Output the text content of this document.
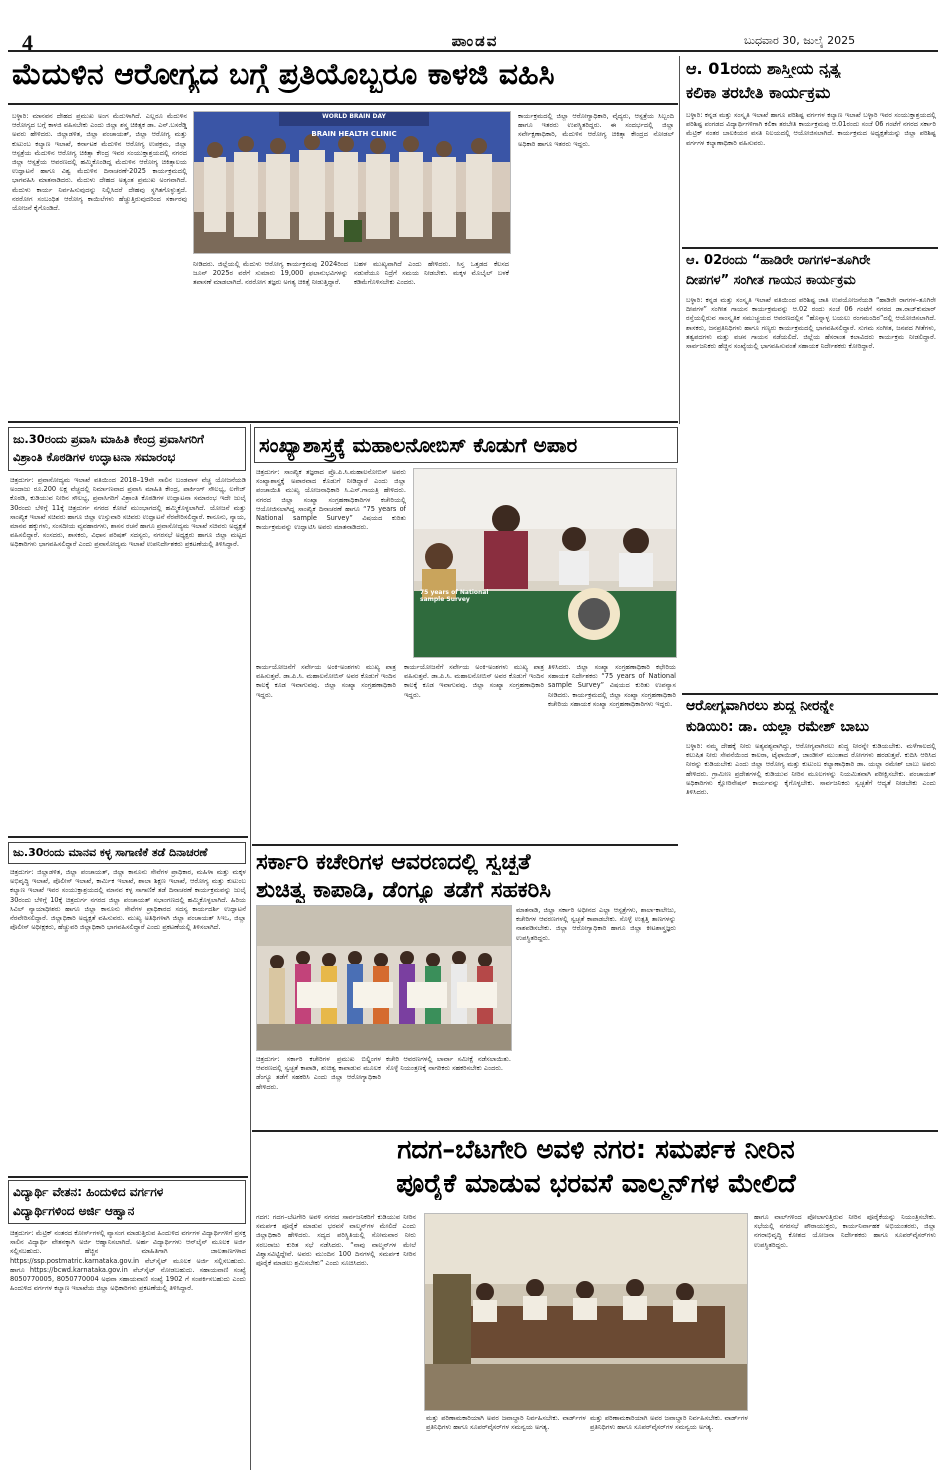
4	ಪಾಂಡವ	ಬುಧವಾರ 30, ಜುಲೈ 2025
ಮೆದುಳಿನ ಆರೋಗ್ಯದ ಬಗ್ಗೆ ಪ್ರತಿಯೊಬ್ಬರೂ ಕಾಳಜಿ ವಹಿಸಿ
ಬಳ್ಳಾರಿ: ಮಾನವನ ದೇಹದ ಪ್ರಮುಖ ಅಂಗ ಮೆದುಳಾಗಿದೆ. ಎಲ್ಲರೂ ಮೆದುಳಿನ ಆರೋಗ್ಯದ ಬಗ್ಗೆ ಕಾಳಜಿ ವಹಿಸಬೇಕು ಎಂದು ಜಿಲ್ಲಾ ಶಸ್ತ್ರ ಚಿಕಿತ್ಸಕ ಡಾ. ಎನ್.ಬಸರೆಡ್ಡಿ ಅವರು ಹೇಳಿದರು. ಜಿಲ್ಲಾಡಳಿತ, ಜಿಲ್ಲಾ ಪಂಚಾಯತ್, ಜಿಲ್ಲಾ ಆರೋಗ್ಯ ಮತ್ತು ಕುಟುಂಬ ಕಲ್ಯಾಣ ಇಲಾಖೆ, ಕರ್ನಾಟಕ ಮೆದುಳಿನ ಆರೋಗ್ಯ ಉಪಕ್ರಮ, ಜಿಲ್ಲಾ ಆಸ್ಪತ್ರೆಯ ಮೆದುಳಿನ ಆರೋಗ್ಯ ಚಿಕಿತ್ಸಾ ಕೇಂದ್ರ ಇವರ ಸಂಯುಕ್ತಾಶ್ರಯದಲ್ಲಿ ನಗರದ ಜಿಲ್ಲಾ ಆಸ್ಪತ್ರೆಯ ಆವರಣದಲ್ಲಿ ಹಮ್ಮಿಕೊಂಡಿದ್ದ ಮೆದುಳಿನ ಆರೋಗ್ಯ ಚಿಕಿತ್ಸಾಲಯ ಉದ್ಘಾಟನೆ ಹಾಗೂ ವಿಶ್ವ ಮೆದುಳಿನ ದಿನಾಚರಣೆ-2025 ಕಾರ್ಯಕ್ರಮದಲ್ಲಿ ಭಾಗವಹಿಸಿ ಮಾತನಾಡಿದರು. ಮೆದುಳು ದೇಹದ ಅತ್ಯಂತ ಪ್ರಮುಖ ಅಂಗವಾಗಿದೆ. ಮೆದುಳು ಕಾರ್ಯ ನಿರ್ವಹಿಸುವುದನ್ನು ನಿಲ್ಲಿಸಿದರೆ ದೇಹವು ಸ್ಥಗಿತಗೊಳ್ಳುತ್ತದೆ. ನರರೋಗ ಸಂಬಂಧಿತ ಆರೋಗ್ಯ ಕಾಯಿಲೆಗಳು ಹೆಚ್ಚುತ್ತಿರುವುದರಿಂದ ಸರ್ಕಾರವು ಯೋಜನೆ ಕೈಗೊಂಡಿದೆ.
WORLD BRAIN DAY
BRAIN HEALTH CLINIC
ನೀಡಿದರು. ಜಿಲ್ಲೆಯಲ್ಲಿ ಮೆದುಳು ಆರೋಗ್ಯ ಕಾರ್ಯಕ್ರಮವು 2024ರಿಂದ ಜೂನ್ 2025ರ ವರೆಗೆ ಸುಮಾರು 19,000 ಫಲಾನುಭವಿಗಳನ್ನು ತಪಾಸಣೆ ಮಾಡಲಾಗಿದೆ. ನರರೋಗ ತಜ್ಞರು ಅಗತ್ಯ ಚಿಕಿತ್ಸೆ ನೀಡುತ್ತಿದ್ದಾರೆ.
ಬಹಳ ಮುಖ್ಯವಾಗಿದೆ ಎಂದು ಹೇಳಿದರು. ಸಿಸ್ತ ಒತ್ತಡದ ಕೆಲಸದ ನಡುವೆಯೂ ನಿದ್ರೆಗೆ ಸಮಯ ನೀಡಬೇಕು. ಮಕ್ಕಳ ಮೊಬೈಲ್ ಬಳಕೆ ಕಡಿಮೆಗೊಳಿಸಬೇಕು ಎಂದರು.
ಕಾರ್ಯಕ್ರಮದಲ್ಲಿ ಜಿಲ್ಲಾ ಆರೋಗ್ಯಾಧಿಕಾರಿ, ವೈದ್ಯರು, ಆಸ್ಪತ್ರೆಯ ಸಿಬ್ಬಂದಿ ಹಾಗೂ ಇತರರು ಉಪಸ್ಥಿತರಿದ್ದರು. ಈ ಸಂದರ್ಭದಲ್ಲಿ ಜಿಲ್ಲಾ ಸರ್ವೇಕ್ಷಣಾಧಿಕಾರಿ, ಮೆದುಳಿನ ಆರೋಗ್ಯ ಚಿಕಿತ್ಸಾ ಕೇಂದ್ರದ ನೋಡಲ್ ಅಧಿಕಾರಿ ಹಾಗೂ ಇತರರು ಇದ್ದರು.
ಆ. 01ರಂದು ಶಾಸ್ತ್ರೀಯ ನೃತ್ಯ
ಕಲಿಕಾ ತರಬೇತಿ ಕಾರ್ಯಕ್ರಮ
ಬಳ್ಳಾರಿ: ಕನ್ನಡ ಮತ್ತು ಸಂಸ್ಕೃತಿ ಇಲಾಖೆ ಹಾಗೂ ಪರಿಶಿಷ್ಟ ವರ್ಗಗಳ ಕಲ್ಯಾಣ ಇಲಾಖೆ ಬಳ್ಳಾರಿ ಇವರ ಸಂಯುಕ್ತಾಶ್ರಯದಲ್ಲಿ ಪರಿಶಿಷ್ಟ ಪಂಗಡದ ವಿದ್ಯಾರ್ಥಿಗಳಿಗಾಗಿ ಕಲಿಕಾ ತರಬೇತಿ ಕಾರ್ಯಕ್ರಮವು ಆ.01ರಂದು ಸಂಜೆ 06 ಗಂಟೆಗೆ ನಗರದ ಸರ್ಕಾರಿ ಮೆಟ್ರಿಕ್ ನಂತರ ಬಾಲಕಿಯರ ವಸತಿ ನಿಲಯದಲ್ಲಿ ಆಯೋಜಿಸಲಾಗಿದೆ. ಕಾರ್ಯಕ್ರಮದ ಅಧ್ಯಕ್ಷತೆಯನ್ನು ಜಿಲ್ಲಾ ಪರಿಶಿಷ್ಟ ವರ್ಗಗಳ ಕಲ್ಯಾಣಾಧಿಕಾರಿ ವಹಿಸುವರು.
ಆ. 02ರಂದು “ಹಾಡಿರೇ ರಾಗಗಳ–ತೂಗಿರೇ
ದೀಪಗಳ” ಸಂಗೀತ ಗಾಯನ ಕಾರ್ಯಕ್ರಮ
ಬಳ್ಳಾರಿ: ಕನ್ನಡ ಮತ್ತು ಸಂಸ್ಕೃತಿ ಇಲಾಖೆ ವತಿಯಿಂದ ಪರಿಶಿಷ್ಟ ಜಾತಿ ಉಪಯೋಜನೆಯಡಿ “ಹಾಡಿರೇ ರಾಗಗಳ–ತೂಗಿರೇ ದೀಪಗಳ” ಸಂಗೀತ ಗಾಯನ ಕಾರ್ಯಕ್ರಮವನ್ನು ಆ.02 ರಂದು ಸಂಜೆ 06 ಗಂಟೆಗೆ ನಗರದ ಡಾ.ರಾಜ್‌ಕುಮಾರ್ ರಸ್ತೆಯಲ್ಲಿರುವ ಸಾಂಸ್ಕೃತಿಕ ಸಮುಚ್ಚಯದ ಆವರಣದಲ್ಲಿನ “ಹೊನ್ನಾಳ್ಳ ಬಯಲು ರಂಗಮಂದಿರ”ದಲ್ಲಿ ಆಯೋಜಿಸಲಾಗಿದೆ. ಶಾಸಕರು, ಜನಪ್ರತಿನಿಧಿಗಳು ಹಾಗೂ ಗಣ್ಯರು ಕಾರ್ಯಕ್ರಮದಲ್ಲಿ ಭಾಗವಹಿಸಲಿದ್ದಾರೆ. ಸುಗಮ ಸಂಗೀತ, ಜನಪದ ಗೀತೆಗಳು, ತತ್ವಪದಗಳು ಮತ್ತು ವಚನ ಗಾಯನ ನಡೆಯಲಿದೆ. ಜಿಲ್ಲೆಯ ಹೆಸರಾಂತ ಕಲಾವಿದರು ಕಾರ್ಯಕ್ರಮ ನೀಡಲಿದ್ದಾರೆ. ಸಾರ್ವಜನಿಕರು ಹೆಚ್ಚಿನ ಸಂಖ್ಯೆಯಲ್ಲಿ ಭಾಗವಹಿಸುವಂತೆ ಸಹಾಯಕ ನಿರ್ದೇಶಕರು ಕೋರಿದ್ದಾರೆ.
ಆರೋಗ್ಯವಾಗಿರಲು ಶುದ್ಧ ನೀರನ್ನೇ
ಕುಡಿಯಿರಿ: ಡಾ. ಯಲ್ಲಾ ರಮೇಶ್ ಬಾಬು
ಬಳ್ಳಾರಿ: ನಮ್ಮ ದೇಹಕ್ಕೆ ನೀರು ಅತ್ಯವಶ್ಯವಾಗಿದ್ದು, ಆರೋಗ್ಯವಾಗಿರಲು ಶುದ್ಧ ನೀರನ್ನೇ ಕುಡಿಯಬೇಕು. ಮಳೆಗಾಲದಲ್ಲಿ ಕಲುಷಿತ ನೀರು ಸೇವನೆಯಿಂದ ಕಾಲರಾ, ಟೈಫಾಯಿಡ್, ಜಾಂಡೀಸ್ ಮುಂತಾದ ರೋಗಗಳು ಹರಡುತ್ತವೆ. ಕುದಿಸಿ ಆರಿಸಿದ ನೀರನ್ನು ಕುಡಿಯಬೇಕು ಎಂದು ಜಿಲ್ಲಾ ಆರೋಗ್ಯ ಮತ್ತು ಕುಟುಂಬ ಕಲ್ಯಾಣಾಧಿಕಾರಿ ಡಾ. ಯಲ್ಲಾ ರಮೇಶ್ ಬಾಬು ಅವರು ಹೇಳಿದರು. ಗ್ರಾಮೀಣ ಪ್ರದೇಶಗಳಲ್ಲಿ ಕುಡಿಯುವ ನೀರಿನ ಮೂಲಗಳನ್ನು ನಿಯಮಿತವಾಗಿ ಪರೀಕ್ಷಿಸಬೇಕು. ಪಂಚಾಯತ್ ಅಧಿಕಾರಿಗಳು ಕ್ಲೋರಿನೇಷನ್ ಕಾರ್ಯವನ್ನು ಕೈಗೊಳ್ಳಬೇಕು. ಸಾರ್ವಜನಿಕರು ಸ್ವಚ್ಛತೆಗೆ ಆದ್ಯತೆ ನೀಡಬೇಕು ಎಂದು ತಿಳಿಸಿದರು.
ಜು.30ರಂದು ಪ್ರವಾಸಿ ಮಾಹಿತಿ ಕೇಂದ್ರ ಪ್ರವಾಸಿಗರಿಗೆ
ವಿಶ್ರಾಂತಿ ಕೊಠಡಿಗಳ ಉದ್ಘಾಟನಾ ಸಮಾರಂಭ
ಚಿತ್ರದುರ್ಗ: ಪ್ರವಾಸೋದ್ಯಮ ಇಲಾಖೆ ವತಿಯಿಂದ 2018–19ನೇ ಸಾಲಿನ ಬಂಡವಾಳ ವೆಚ್ಚ ಯೋಜನೆಯಡಿ ಅಂದಾಜು ರೂ.200 ಲಕ್ಷ ವೆಚ್ಚದಲ್ಲಿ ನಿರ್ಮಾಣವಾದ ಪ್ರವಾಸಿ ಮಾಹಿತಿ ಕೇಂದ್ರ, ಪಾರ್ಕಿಂಗ್ ಸೌಲಭ್ಯ, ಲಗೇಜ್ ಕೊಠಡಿ, ಕುಡಿಯುವ ನೀರಿನ ಸೌಲಭ್ಯ, ಪ್ರವಾಸಿಗರಿಗೆ ವಿಶ್ರಾಂತಿ ಕೊಠಡಿಗಳ ಉದ್ಘಾಟನಾ ಸಮಾರಂಭ ಇದೇ ಜುಲೈ 30ರಂದು ಬೆಳಿಗ್ಗೆ 11ಕ್ಕೆ ಚಿತ್ರದುರ್ಗ ನಗರದ ಕೋಟೆ ಮುಂಭಾಗದಲ್ಲಿ ಹಮ್ಮಿಕೊಳ್ಳಲಾಗಿದೆ. ಯೋಜನೆ ಮತ್ತು ಸಾಂಖ್ಯಿಕ ಇಲಾಖೆ ಸಚಿವರು ಹಾಗೂ ಜಿಲ್ಲಾ ಉಸ್ತುವಾರಿ ಸಚಿವರು ಉದ್ಘಾಟನೆ ನೆರವೇರಿಸಲಿದ್ದಾರೆ. ಕಾನೂನು, ನ್ಯಾಯ, ಮಾನವ ಹಕ್ಕುಗಳು, ಸಂಸದೀಯ ವ್ಯವಹಾರಗಳು, ಶಾಸನ ರಚನೆ ಹಾಗೂ ಪ್ರವಾಸೋದ್ಯಮ ಇಲಾಖೆ ಸಚಿವರು ಅಧ್ಯಕ್ಷತೆ ವಹಿಸಲಿದ್ದಾರೆ. ಸಂಸದರು, ಶಾಸಕರು, ವಿಧಾನ ಪರಿಷತ್ ಸದಸ್ಯರು, ನಗರಸಭೆ ಅಧ್ಯಕ್ಷರು ಹಾಗೂ ಜಿಲ್ಲಾ ಮಟ್ಟದ ಅಧಿಕಾರಿಗಳು ಭಾಗವಹಿಸಲಿದ್ದಾರೆ ಎಂದು ಪ್ರವಾಸೋದ್ಯಮ ಇಲಾಖೆ ಉಪನಿರ್ದೇಶಕರು ಪ್ರಕಟಣೆಯಲ್ಲಿ ತಿಳಿಸಿದ್ದಾರೆ.
ಜು.30ರಂದು ಮಾನವ ಕಳ್ಳ ಸಾಗಾಣಿಕೆ ತಡೆ ದಿನಾಚರಣೆ
ಚಿತ್ರದುರ್ಗ: ಜಿಲ್ಲಾಡಳಿತ, ಜಿಲ್ಲಾ ಪಂಚಾಯತ್, ಜಿಲ್ಲಾ ಕಾನೂನು ಸೇವೆಗಳ ಪ್ರಾಧಿಕಾರ, ಮಹಿಳಾ ಮತ್ತು ಮಕ್ಕಳ ಅಭಿವೃದ್ಧಿ ಇಲಾಖೆ, ಪೊಲೀಸ್ ಇಲಾಖೆ, ಕಾರ್ಮಿಕ ಇಲಾಖೆ, ಶಾಲಾ ಶಿಕ್ಷಣ ಇಲಾಖೆ, ಆರೋಗ್ಯ ಮತ್ತು ಕುಟುಂಬ ಕಲ್ಯಾಣ ಇಲಾಖೆ ಇವರ ಸಂಯುಕ್ತಾಶ್ರಯದಲ್ಲಿ ಮಾನವ ಕಳ್ಳ ಸಾಗಾಣಿಕೆ ತಡೆ ದಿನಾಚರಣೆ ಕಾರ್ಯಕ್ರಮವನ್ನು ಜುಲೈ 30ರಂದು ಬೆಳಿಗ್ಗೆ 10ಕ್ಕೆ ಚಿತ್ರದುರ್ಗ ನಗರದ ಜಿಲ್ಲಾ ಪಂಚಾಯತ್ ಸಭಾಂಗಣದಲ್ಲಿ ಹಮ್ಮಿಕೊಳ್ಳಲಾಗಿದೆ. ಹಿರಿಯ ಸಿವಿಲ್ ನ್ಯಾಯಾಧೀಶರು ಹಾಗೂ ಜಿಲ್ಲಾ ಕಾನೂನು ಸೇವೆಗಳ ಪ್ರಾಧಿಕಾರದ ಸದಸ್ಯ ಕಾರ್ಯದರ್ಶಿ ಉದ್ಘಾಟನೆ ನೆರವೇರಿಸಲಿದ್ದಾರೆ. ಜಿಲ್ಲಾಧಿಕಾರಿ ಅಧ್ಯಕ್ಷತೆ ವಹಿಸುವರು. ಮುಖ್ಯ ಅತಿಥಿಗಳಾಗಿ ಜಿಲ್ಲಾ ಪಂಚಾಯತ್ ಸಿಇಒ, ಜಿಲ್ಲಾ ಪೊಲೀಸ್ ಅಧೀಕ್ಷಕರು, ಹೆಚ್ಚುವರಿ ಜಿಲ್ಲಾಧಿಕಾರಿ ಭಾಗವಹಿಸಲಿದ್ದಾರೆ ಎಂದು ಪ್ರಕಟಣೆಯಲ್ಲಿ ತಿಳಿಸಲಾಗಿದೆ.
ವಿದ್ಯಾರ್ಥಿ ವೇತನ: ಹಿಂದುಳಿದ ವರ್ಗಗಳ
ವಿದ್ಯಾರ್ಥಿಗಳಿಂದ ಅರ್ಜಿ ಆಹ್ವಾನ
ಚಿತ್ರದುರ್ಗ: ಮೆಟ್ರಿಕ್ ನಂತರದ ಕೋರ್ಸ್‌ಗಳಲ್ಲಿ ವ್ಯಾಸಂಗ ಮಾಡುತ್ತಿರುವ ಹಿಂದುಳಿದ ವರ್ಗಗಳ ವಿದ್ಯಾರ್ಥಿಗಳಿಗೆ ಪ್ರಸಕ್ತ ಸಾಲಿನ ವಿದ್ಯಾರ್ಥಿ ವೇತನಕ್ಕಾಗಿ ಅರ್ಜಿ ಆಹ್ವಾನಿಸಲಾಗಿದೆ. ಅರ್ಹ ವಿದ್ಯಾರ್ಥಿಗಳು ಆನ್‌ಲೈನ್ ಮೂಲಕ ಅರ್ಜಿ ಸಲ್ಲಿಸಬಹುದು. ಹೆಚ್ಚಿನ ಮಾಹಿತಿಗಾಗಿ ಜಾಲತಾಣಗಳಾದ https://ssp.postmatric.karnataka.gov.in ವೆಬ್‌ಸೈಟ್ ಮೂಲಕ ಅರ್ಜಿ ಸಲ್ಲಿಸಬಹುದು. ಹಾಗೂ https://bcwd.karnataka.gov.in ವೆಬ್‌ಸೈಟ್ ನೋಡಬಹುದು. ಸಹಾಯವಾಣಿ ಸಂಖ್ಯೆ 8050770005, 8050770004 ಅಥವಾ ಸಹಾಯವಾಣಿ ಸಂಖ್ಯೆ 1902 ಗೆ ಸಂಪರ್ಕಿಸಬಹುದು ಎಂದು ಹಿಂದುಳಿದ ವರ್ಗಗಳ ಕಲ್ಯಾಣ ಇಲಾಖೆಯ ಜಿಲ್ಲಾ ಅಧಿಕಾರಿಗಳು ಪ್ರಕಟಣೆಯಲ್ಲಿ ತಿಳಿಸಿದ್ದಾರೆ.
ಸಂಖ್ಯಾಶಾಸ್ತ್ರಕ್ಕೆ ಮಹಾಲನೋಬಿಸ್ ಕೊಡುಗೆ ಅಪಾರ
ಚಿತ್ರದುರ್ಗ: ಸಾಂಖ್ಯಿಕ ತಜ್ಞರಾದ ಪ್ರೊ.ಪಿ.ಸಿ.ಮಹಾಲನೋಬಿಸ್ ಅವರು ಸಂಖ್ಯಾಶಾಸ್ತ್ರಕ್ಕೆ ಅಪಾರವಾದ ಕೊಡುಗೆ ನೀಡಿದ್ದಾರೆ ಎಂದು ಜಿಲ್ಲಾ ಪಂಚಾಯಿತಿ ಮುಖ್ಯ ಯೋಜನಾಧಿಕಾರಿ ಸಿ.ಎಸ್.ಗಾಯತ್ರಿ ಹೇಳಿದರು. ನಗರದ ಜಿಲ್ಲಾ ಸಂಖ್ಯಾ ಸಂಗ್ರಹಣಾಧಿಕಾರಿಗಳ ಕಚೇರಿಯಲ್ಲಿ ಆಯೋಜಿಸಲಾಗಿದ್ದ ಸಾಂಖ್ಯಿಕ ದಿನಾಚರಣೆ ಹಾಗೂ “75 years of National sample Survey” ವಿಷಯದ ಕುರಿತು ಕಾರ್ಯಕ್ರಮವನ್ನು ಉದ್ಘಾಟಿಸಿ ಅವರು ಮಾತನಾಡಿದರು.
75 years of National sample Survey
ಕಾರ್ಯಯೋಜನೆಗೆ ಸರ್ವೇಯ ಅಂಕಿ-ಅಂಶಗಳು ಮುಖ್ಯ ಪಾತ್ರ ವಹಿಸುತ್ತವೆ. ಡಾ.ಪಿ.ಸಿ. ಮಹಾಲನೋಬಿಸ್ ಅವರ ಕೊಡುಗೆ ಇಂದಿನ ಕಾಲಕ್ಕೆ ಕೂಡ ಇವಾಗುವವು. ಜಿಲ್ಲಾ ಸಂಖ್ಯಾ ಸಂಗ್ರಹಣಾಧಿಕಾರಿ ಇದ್ದರು.
ಕಾರ್ಯಯೋಜನೆಗೆ ಸರ್ವೇಯ ಅಂಕಿ-ಅಂಶಗಳು ಮುಖ್ಯ ಪಾತ್ರ ವಹಿಸುತ್ತವೆ. ಡಾ.ಪಿ.ಸಿ. ಮಹಾಲನೋಬಿಸ್ ಅವರ ಕೊಡುಗೆ ಇಂದಿನ ಕಾಲಕ್ಕೆ ಕೂಡ ಇವಾಗುವವು. ಜಿಲ್ಲಾ ಸಂಖ್ಯಾ ಸಂಗ್ರಹಣಾಧಿಕಾರಿ ಇದ್ದರು.
ತಿಳಿಸಿದರು. ಜಿಲ್ಲಾ ಸಂಖ್ಯಾ ಸಂಗ್ರಹಣಾಧಿಕಾರಿ ಕಛೇರಿಯ ಸಹಾಯಕ ನಿರ್ದೇಶಕರು “75 years of National sample Survey” ವಿಷಯದ ಕುರಿತು ಉಪನ್ಯಾಸ ನೀಡಿದರು. ಕಾರ್ಯಕ್ರಮದಲ್ಲಿ ಜಿಲ್ಲಾ ಸಂಖ್ಯಾ ಸಂಗ್ರಹಣಾಧಿಕಾರಿ ಕಚೇರಿಯ ಸಹಾಯಕ ಸಂಖ್ಯಾ ಸಂಗ್ರಹಣಾಧಿಕಾರಿಗಳು ಇದ್ದರು.
ಸರ್ಕಾರಿ ಕಚೇರಿಗಳ ಆವರಣದಲ್ಲಿ ಸ್ವಚ್ಛತೆ
ಶುಚಿತ್ವ ಕಾಪಾಡಿ, ಡೆಂಗ್ಯೂ ತಡೆಗೆ ಸಹಕರಿಸಿ
ಮಾತನಾಡಿ, ಜಿಲ್ಲಾ ಸರ್ಕಾರಿ ಅಧೀನದ ಎಲ್ಲಾ ಆಸ್ಪತ್ರೆಗಳು, ಶಾಲಾ-ಕಾಲೇಜು, ಕಚೇರಿಗಳ ಆವರಣಗಳಲ್ಲಿ ಸ್ವಚ್ಛತೆ ಕಾಪಾಡಬೇಕು. ಸೊಳ್ಳೆ ಉತ್ಪತ್ತಿ ತಾಣಗಳನ್ನು ನಾಶಪಡಿಸಬೇಕು. ಜಿಲ್ಲಾ ಆರೋಗ್ಯಾಧಿಕಾರಿ ಹಾಗೂ ಜಿಲ್ಲಾ ಕೀಟಶಾಸ್ತ್ರಜ್ಞರು ಉಪಸ್ಥಿತರಿದ್ದರು.
ಚಿತ್ರದುರ್ಗ: ಸರ್ಕಾರಿ ಕಚೇರಿಗಳ ಪ್ರಮುಖ ಬಿಲ್ಡಿಂಗಳ ಆವರಣದಲ್ಲಿ ಸ್ವಚ್ಛತೆ ಕಾಪಾಡಿ, ಶುಚಿತ್ವ ಕಾಪಾಡುವ ಮೂಲಕ ಡೆಂಗ್ಯೂ ತಡೆಗೆ ಸಹಕರಿಸಿ ಎಂದು ಜಿಲ್ಲಾ ಆರೋಗ್ಯಾಧಿಕಾರಿ ಹೇಳಿದರು.
ಕಚೇರಿ ಆವರಣಗಳಲ್ಲಿ ಲಾರ್ವಾ ಸಮೀಕ್ಷೆ ನಡೆಸಲಾಯಿತು. ಸೊಳ್ಳೆ ನಿಯಂತ್ರಣಕ್ಕೆ ನಾಗರಿಕರು ಸಹಕರಿಸಬೇಕು ಎಂದರು.
ಗದಗ–ಬೆಟಗೇರಿ ಅವಳಿ ನಗರ: ಸಮರ್ಪಕ ನೀರಿನ
ಪೂರೈಕೆ ಮಾಡುವ ಭರವಸೆ ವಾಲ್ಮನ್‌ಗಳ ಮೇಲಿದೆ
ಗದಗ: ಗದಗ–ಬೆಟಗೇರಿ ಅವಳಿ ನಗರದ ಸಾರ್ವಜನಿಕರಿಗೆ ಕುಡಿಯುವ ನೀರಿನ ಸಮರ್ಪಕ ಪೂರೈಕೆ ಮಾಡುವ ಭರವಸೆ ವಾಲ್ಮನ್‌ಗಳ ಮೇಲಿದೆ ಎಂದು ಜಿಲ್ಲಾಧಿಕಾರಿ ಹೇಳಿದರು. ಸದ್ಯದ ಪರಿಸ್ಥಿತಿಯಲ್ಲಿ ಸೋಮವಾರ ನೀರು ಸರಬರಾಜು ಕುರಿತ ಸಭೆ ನಡೆಸಿದರು. “ನಾವು ವಾಲ್ಮನ್‌ಗಳ ಮೇಲೆ ವಿಶ್ವಾಸವಿಟ್ಟಿದ್ದೇವೆ. ಅವರು ಮುಂದಿನ 100 ದಿನಗಳಲ್ಲಿ ಸಮರ್ಪಕ ನೀರಿನ ಪೂರೈಕೆ ಮಾಡಲು ಶ್ರಮಿಸಬೇಕು” ಎಂದು ಸೂಚಿಸಿದರು.
ಮತ್ತು ಪರಿಣಾಮಕಾರಿಯಾಗಿ ಅವರ ಜವಾಬ್ದಾರಿ ನಿರ್ವಹಿಸಬೇಕು. ವಾರ್ಡ್‌ಗಳ ಪ್ರತಿನಿಧಿಗಳು ಹಾಗೂ ಸೂಪರ್‌ವೈಸರ್‌ಗಳ ಸಮನ್ವಯ ಅಗತ್ಯ.
ಮತ್ತು ಪರಿಣಾಮಕಾರಿಯಾಗಿ ಅವರ ಜವಾಬ್ದಾರಿ ನಿರ್ವಹಿಸಬೇಕು. ವಾರ್ಡ್‌ಗಳ ಪ್ರತಿನಿಧಿಗಳು ಹಾಗೂ ಸೂಪರ್‌ವೈಸರ್‌ಗಳ ಸಮನ್ವಯ ಅಗತ್ಯ.
ಹಾಗೂ ವಾಲ್‌ಗಳಿಂದ ಪೋಲಾಗುತ್ತಿರುವ ನೀರಿನ ಪೂರೈಕೆಯನ್ನು ನಿಯಂತ್ರಿಸಬೇಕು. ಸಭೆಯಲ್ಲಿ ನಗರಸಭೆ ಪೌರಾಯುಕ್ತರು, ಕಾರ್ಯನಿರ್ವಾಹಕ ಅಭಿಯಂತರರು, ಜಿಲ್ಲಾ ನಗರಾಭಿವೃದ್ಧಿ ಕೋಶದ ಯೋಜನಾ ನಿರ್ದೇಶಕರು ಹಾಗೂ ಸೂಪರ್‌ವೈಸರ್‌ಗಳು ಉಪಸ್ಥಿತರಿದ್ದರು.
